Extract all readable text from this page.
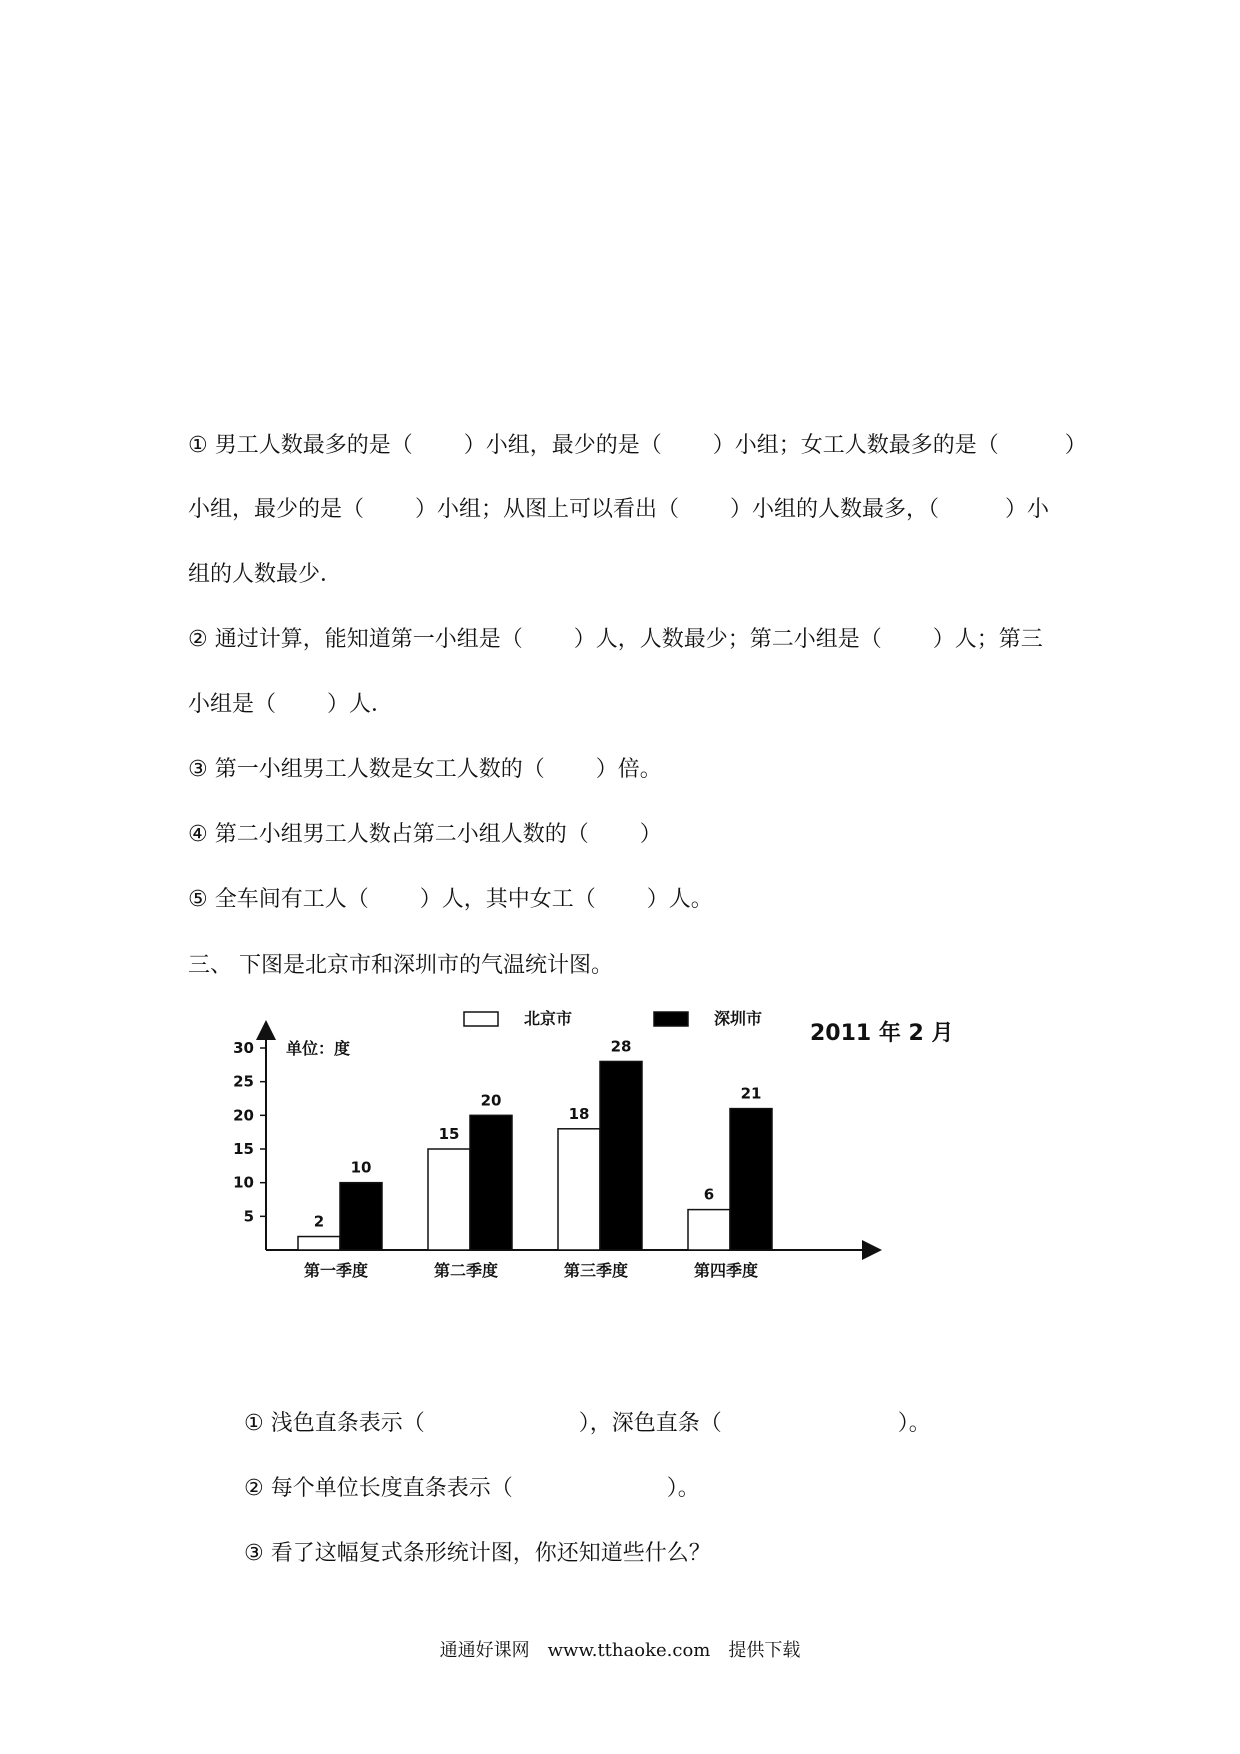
① 男工人数最多的是（　　 ）小组，最少的是（　　 ）小组；女工人数最多的是（　　　）
小组，最少的是（　　 ）小组；从图上可以看出（　　 ）小组的人数最多，（　　　）小
组的人数最少．
② 通过计算，能知道第一小组是（　　 ）人，人数最少；第二小组是（　　 ）人；第三
小组是（　　 ）人．
③ 第一小组男工人数是女工人数的（　　 ）倍。
④ 第二小组男工人数占第二小组人数的（　　 ）
⑤ 全车间有工人（　　 ）人，其中女工（　　 ）人。
三、 下图是北京市和深圳市的气温统计图。
单位：度
5
10
15
20
25
30
2
10
第一季度
15
20
第二季度
18
28
第三季度
6
21
第四季度
2011 年 2 月
北京市	深圳市
① 浅色直条表示（　　　　　　　），深色直条（　　　　　　　　）。
② 每个单位长度直条表示（　　　　　　　）。
③ 看了这幅复式条形统计图，你还知道些什么？
通通好课网　www.tthaoke.com　提供下载
